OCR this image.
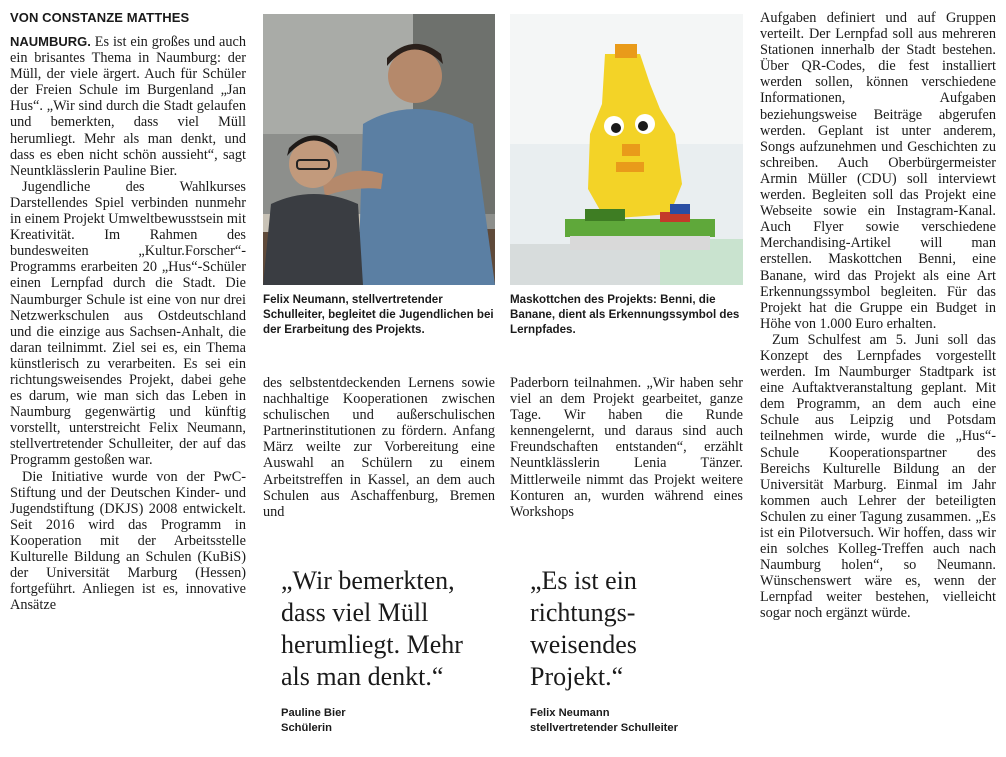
VON CONSTANZE MATTHES

NAUMBURG. Es ist ein großes und auch ein brisantes Thema in Naumburg: der Müll, der viele ärgert. Auch für Schüler der Freien Schule im Burgenland „Jan Hus“. „Wir sind durch die Stadt gelaufen und bemerkten, dass viel Müll herumliegt. Mehr als man denkt, und dass es eben nicht schön aussieht“, sagt Neuntklässlerin Pauline Bier.

Jugendliche des Wahlkurses Darstellendes Spiel verbinden nunmehr in einem Projekt Umweltbewusstsein mit Kreativität. Im Rahmen des bundesweiten „Kultur.Forscher“-Programms erarbeiten 20 „Hus“-Schüler einen Lernpfad durch die Stadt. Die Naumburger Schule ist eine von nur drei Netzwerkschulen aus Ostdeutschland und die einzige aus Sachsen-Anhalt, die daran teilnimmt. Ziel sei es, ein Thema künstlerisch zu verarbeiten. Es sei ein richtungsweisendes Projekt, dabei gehe es darum, wie man sich das Leben in Naumburg gegenwärtig und künftig vorstellt, unterstreicht Felix Neumann, stellvertretender Schulleiter, der auf das Programm gestoßen war.

Die Initiative wurde von der PwC-Stiftung und der Deutschen Kinder- und Jugendstiftung (DKJS) 2008 entwickelt. Seit 2016 wird das Programm in Kooperation mit der Arbeitsstelle Kulturelle Bildung an Schulen (KuBiS) der Universität Marburg (Hessen) fortgeführt. Anliegen ist es, innovative Ansätze

Felix Neumann, stellvertretender Schulleiter, begleitet die Jugendlichen bei der Erarbeitung des Projekts.
Maskottchen des Projekts: Benni, die Banane, dient als Erkennungssymbol des Lernpfades.

des selbstentdeckenden Lernens sowie nachhaltige Kooperationen zwischen schulischen und außerschulischen Partnerinstitutionen zu fördern. Anfang März weilte zur Vorbereitung eine Auswahl an Schülern zu einem Arbeitstreffen in Kassel, an dem auch Schulen aus Aschaffenburg, Bremen und

Paderborn teilnahmen. „Wir haben sehr viel an dem Projekt gearbeitet, ganze Tage. Wir haben die Runde kennengelernt, und daraus sind auch Freundschaften entstanden“, erzählt Neuntklässlerin Lenia Tänzer. Mittlerweile nimmt das Projekt weitere Konturen an, wurden während eines Workshops

„Wir bemerkten, dass viel Müll herumliegt. Mehr als man denkt.“
Pauline Bier
Schülerin
„Es ist ein richtungs-weisendes Projekt.“
Felix Neumann
stellvertretender Schulleiter

Aufgaben definiert und auf Gruppen verteilt. Der Lernpfad soll aus mehreren Stationen innerhalb der Stadt bestehen. Über QR-Codes, die fest installiert werden sollen, können verschiedene Informationen, Aufgaben beziehungsweise Beiträge abgerufen werden. Geplant ist unter anderem, Songs aufzunehmen und Geschichten zu schreiben. Auch Oberbürgermeister Armin Müller (CDU) soll interviewt werden. Begleiten soll das Projekt eine Webseite sowie ein Instagram-Kanal. Auch Flyer sowie verschiedene Merchandising-Artikel will man erstellen. Maskottchen Benni, eine Banane, wird das Projekt als eine Art Erkennungssymbol begleiten. Für das Projekt hat die Gruppe ein Budget in Höhe von 1.000 Euro erhalten.

Zum Schulfest am 5. Juni soll das Konzept des Lernpfades vorgestellt werden. Im Naumburger Stadtpark ist eine Auftaktveranstaltung geplant. Mit dem Programm, an dem auch eine Schule aus Leipzig und Potsdam teilnehmen wirde, wurde die „Hus“-Schule Kooperationspartner des Bereichs Kulturelle Bildung an der Universität Marburg. Einmal im Jahr kommen auch Lehrer der beteiligten Schulen zu einer Tagung zusammen. „Es ist ein Pilotversuch. Wir hoffen, dass wir ein solches Kolleg-Treffen auch nach Naumburg holen“, so Neumann. Wünschenswert wäre es, wenn der Lernpfad weiter bestehen, vielleicht sogar noch ergänzt würde.
